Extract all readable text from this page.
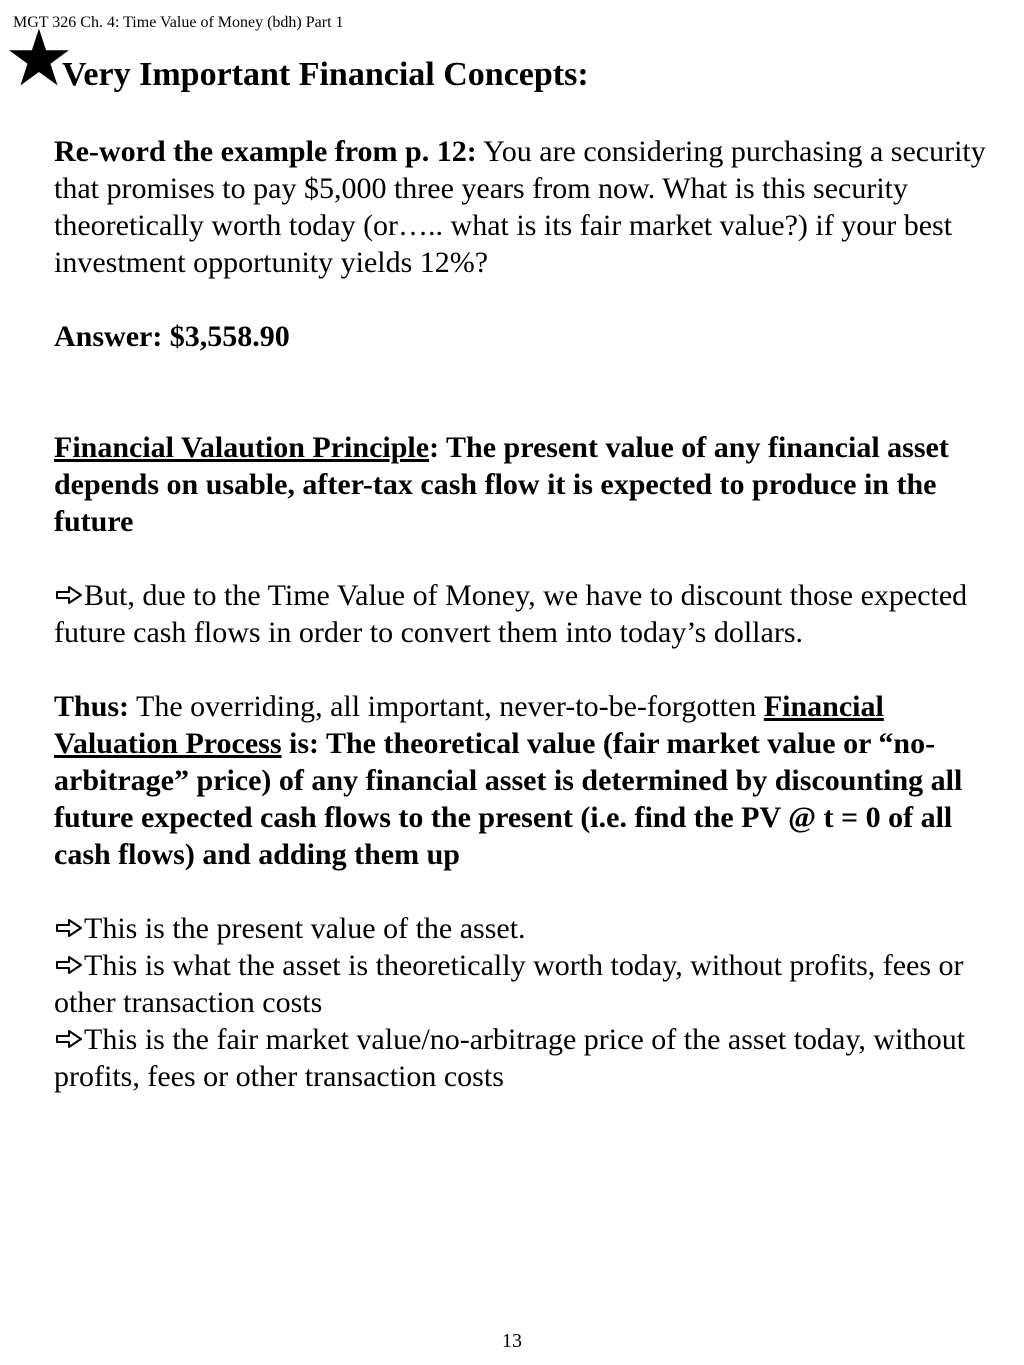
MGT 326 Ch. 4: Time Value of Money (bdh) Part 1
★
Very Important Financial Concepts:

Re-word the example from p. 12: You are considering purchasing a security that promises to pay $5,000 three years from now. What is this security theoretically worth today (or….. what is its fair market value?) if your best investment opportunity yields 12%?

Answer: $3,558.90

Financial Valaution Principle: The present value of any financial asset depends on usable, after-tax cash flow it is expected to produce in the future

But, due to the Time Value of Money, we have to discount those expected future cash flows in order to convert them into today’s dollars.

Thus: The overriding, all important, never-to-be-forgotten Financial Valuation Process is: The theoretical value (fair market value or “no-arbitrage” price) of any financial asset is determined by discounting all future expected cash flows to the present (i.e. find the PV @ t = 0 of all cash flows) and adding them up

This is the present value of the asset.

This is what the asset is theoretically worth today, without profits, fees or other transaction costs

This is the fair market value/no-arbitrage price of the asset today, without profits, fees or other transaction costs

13
